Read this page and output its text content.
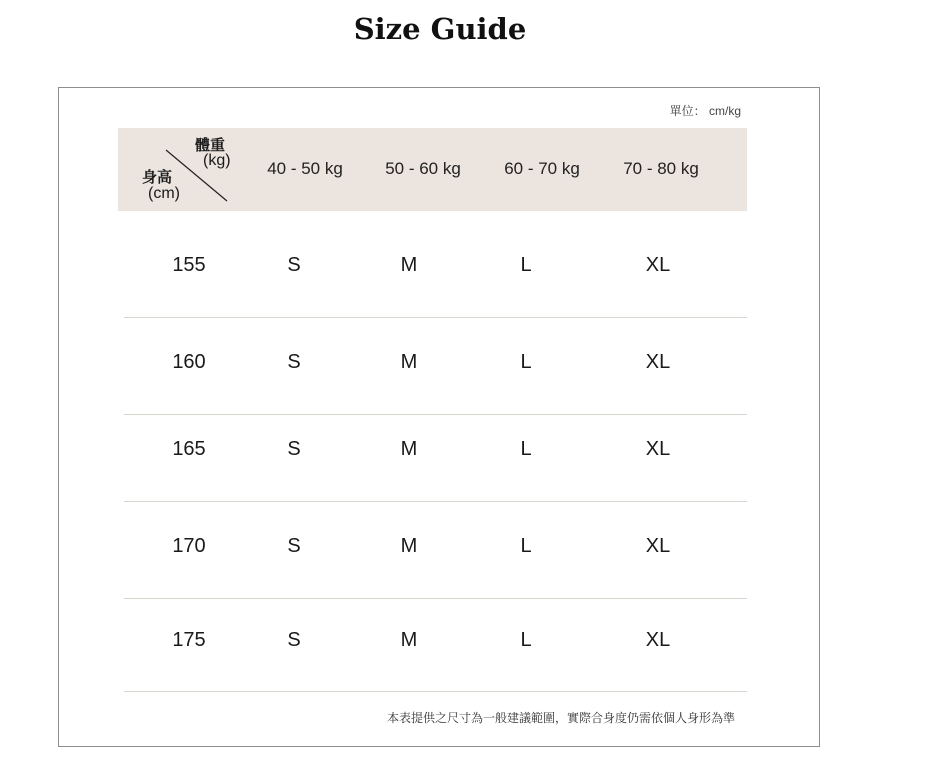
Size Guide
單位： cm/kg
體重
(kg)
身高
(cm)
40 - 50 kg	50 - 60 kg	60 - 70 kg	70 - 80 kg
155	S	M	L	XL
160	S	M	L	XL
165	S	M	L	XL
170	S	M	L	XL
175	S	M	L	XL
本表提供之尺寸為一般建議範圍，實際合身度仍需依個人身形為準
